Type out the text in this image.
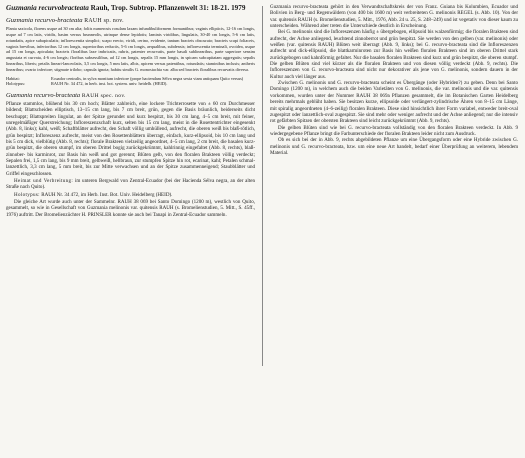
Guzmania recurvobracteata Rauh, Trop. Subtrop. Pflanzenwelt 31: 18-21. 1979

Guzmania recurvo-bracteata RAUH sp. nov.

Planta saxicola, florens usque ad 30 cm alta; foliis numerosis rosulam laxam infundibuliformem formantibus; vaginis ellipticis, 12-16 cm longis, usque ad 7 cm latis, viridis, basim versus brunneolis, utrinque dense lepidotis; laminis viridibus, lingulatis, 30-40 cm longis, 5-6 cm latis, rotundatis, apice subapiculatis; inflorescentia simplici; scapo erecto, viridi, cerino, evidente, tantum bracteis obscurato; bracteis scapi foliaceis, vaginis brevibus, inferioribus 12 cm longis, superioribus reductis, 5-6 cm longis, aequalibus, subdensis; inflorescentia terminali, ovoidea, usque ad 15 cm longa, apiculata; bracteis floralibus laxe imbricatis, rubris, patenter recurvatis, parte basali sublinearibus, parte superiore sensim angustata et curvata, 4-6 cm longis; floribus subsessilibus, ad 12 cm longis, sepalis 15 mm longis, in spicam subcapitatam aggregatis; sepalis linearibus, liberis; petalis lineari-lanceolatis, 3,5 cm longis, 5 mm latis, albis, apicem versus patentibus, rotundatis; staminibus inclusis; antheris linearibus; ovario inferiore; stigmate trilobo; capsula ignota; habitu similis G. monostachia var. alba sed bracteis floralibus recurvatis diversa.

Habitat:	Ecuador centralis, in sylva montium inferiore (prope haciendam Sélva negra sexta viam antiquam Quito versus)
Holotypus:	RAUH Nr. 34 472, in herb. inst. bot. system. univ. heidelb. (HEID).

Guzmania recurvo-bracteata RAUH spec. nov.

Pflanze stammlos, blühend bis 30 cm hoch; Blätter zahlreich, eine lockere Trichterrosette von ± 60 cm Durchmesser bildend; Blattscheiden elliptisch, 13–15 cm lang, bis 7 cm breit, grün, gegen die Basis bräunlich, beiderseits dicht beschuppt; Blattspreiten lingulat, an der Spitze gerundet und kurz bespitzt, bis 30 cm lang, 4–5 cm breit, mit feiner, unregelmäßiger Querstreichung; Infloreszenzschaft kurz, selten bis 15 cm lang, meist in die Rosettentrichter eingesenkt (Abb. 8, links); kahl, weiß; Schaftblätter aufrecht, den Schaft völlig umhüllend, aufrecht, die oberen weiß bis blaß-rötlich, grün bespitzt; Infloreszenz aufrecht, meist von den Rosettenblättern überragt, einfach, kurz-ellipsoid, bis 10 cm lang und bis 5 cm dick, vielblütig (Abb. 8, rechts); florale Brakteen vielzeilig angeordnet, 4–5 cm lang, 2 cm breit, die basalen kurz-grün bespitzt, die oberen stumpf, im oberen Drittel bogig zurückgekrümmt, kahlrinnig eingefaltet (Abb. 8, rechts), blaß-zinnober- bis karminrot, zur Basis hin weiß und got gerennt; Blüten gelb, von den floralen Brakteen völlig verdeckt; Sepalen frei, 1,5 cm lang, bis 9 mm breit, gelbweiß, hellbraun, zur stumpfen Spitze hin rot, ecarinat, kahl; Petalen schmal-lanzettlich, 3,3 cm lang, 5 mm breit, bis zur Mitte verwachsen und an der Spitze zusammenneigend; Staubblätter und Griffel eingeschlossen.

Heimat und Verbreitung: im unteren Bergwald von Zentral-Ecuador (bei der Hacienda Sélva negra, an der alten Straße nach Quito).

Holotypus: RAUH Nr. 34 472, im Herb. Inst. Bot. Univ. Heidelberg (HEID).

Die gleiche Art wurde auch unter der Sammelnr. RAUH 38 069 bei Santo Domingo (1200 m), westlich von Quito, gesammelt, so wie in Gesellschaft von Guzmania melinonis var. quitensis RAUH (s. Bromelienstudien, 5. Mitt., S. 45ff., 1976) auftritt. Der Bromelienzüchter H. PRINSLER konnte sie auch bei Tanapi in Zentral-Ecuador sammeln.

Guzmania recurvo-bracteata gehört in den Verwandtschaftskreis der von Franz. Guiana bis Kolumbien, Ecuador und Bolivien in Berg- und Regenwäldern (von 400 bis 1600 m) weit verbreiteten G. melinonis REGEL (s. Abb. 10). Von der var. quitensis RAUH (s. Bromelienstudien, 5. Mitt., 1976, Abb. 24 u. 25, S. 248–249) und ist vegetativ von dieser kaum zu unterscheiden. Während aber treten die Unterschiede deutlich in Erscheinung.

Bei G. melinonis sind die Infloreszenzen häufig ± übergebogen, ellipsoid bis walzenförmig; die floralen Brakteen sind aufrecht, der Achse anliegend, leuchtend zinnoberrot und grün bespitzt. Sie werden von den gelben (var. melinonis) oder weißen (var. quitensis RAUH) Blüten weit überragt (Abb. 9, links); bei G. recurvo-bracteata sind die Infloreszenzen aufrecht und dick-ellipsoid, die blattkarminroten zur Basis hin weißen floralen Brakteen sind im oberen Drittel stark zurückgebogen und kahnförmig gefaltet. Nur die basalen floralen Brakteen sind kurz und grün bespitzt, die oberen stumpf. Die gelben Blüten sind viel kürzer als die floralen Brakteen und von diesen völlig verdeckt (Abb. 9, rechts). Die Infloreszenzen von G. recurvo-bracteata sind nicht nur dekorativer als jene von G. melinonis, sondern dauern in der Kultur auch viel länger aus.

Zwischen G. melinonis und G. recurvo-bracteata scheint es Übergänge (oder Hybriden?) zu geben. Denn bei Santo Domingo (1200 m), in welchem auch die beiden Varietäten von G. melinonis, die var. melinonis und die var. quitensis vorkommen, wurden unter der Nummer RAUH 38 069a Pflanzen gesammelt, die im Botanischen Garten Heidelberg bereits mehrmals geblüht haben. Sie besitzen kurze, ellipsoide oder verlängert-zylindrische Ähren von 8–15 cm Länge, mit spiralig angeordneten (4–6-zeilig) floralen Brakteen. Diese sind hinsichtlich ihrer Form variabel, entweder breit-oval zugespitzt oder lanzettlich-oval zugespitzt. Sie sind mehr oder weniger aufrecht und der Achse anliegend; nur die intensiv rot gefärbten Spitzen der obersten Brakteen sind leicht zurückgekrümmt (Abb. 9, rechts).

Die gelben Blüten sind wie bei G. recurvo-bracteata vollständig von den floralen Brakteen verdeckt. In Abb. 9 wiedergegebene Pflanze bringt die Farbunterschiede der floralen Brakteen leider nicht zum Ausdruck.

Ob es sich bei der in Abb. 9, rechts abgebildeten Pflanze um eine Übergangsform oder eine Hybride zwischen G. melinonis und G. recurvo-bracteata, bzw. um eine neue Art handelt, bedarf einer Überprüfung an weiterem, lebendem Material.
